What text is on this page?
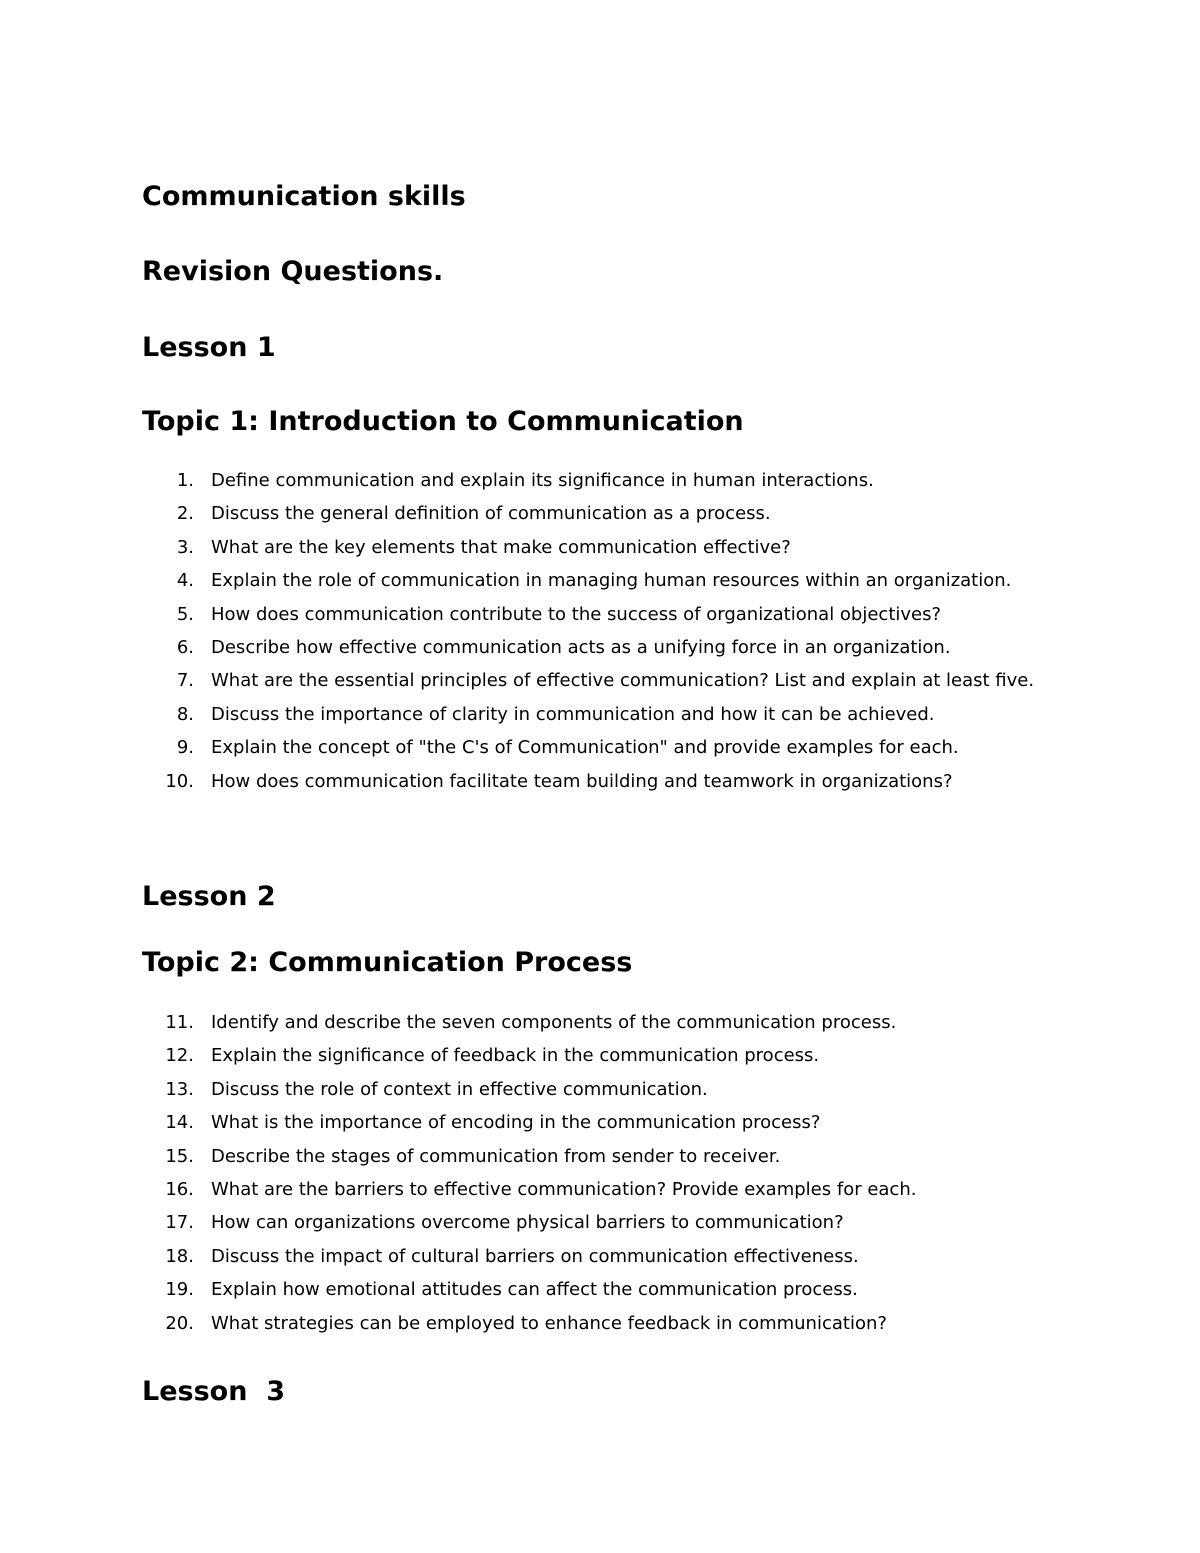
Communication skills
Revision Questions.
Lesson 1
Topic 1: Introduction to Communication
1. Define communication and explain its significance in human interactions.
2. Discuss the general definition of communication as a process.
3. What are the key elements that make communication effective?
4. Explain the role of communication in managing human resources within an organization.
5. How does communication contribute to the success of organizational objectives?
6. Describe how effective communication acts as a unifying force in an organization.
7. What are the essential principles of effective communication? List and explain at least five.
8. Discuss the importance of clarity in communication and how it can be achieved.
9. Explain the concept of "the C's of Communication" and provide examples for each.
10. How does communication facilitate team building and teamwork in organizations?
Lesson 2
Topic 2: Communication Process
11. Identify and describe the seven components of the communication process.
12. Explain the significance of feedback in the communication process.
13. Discuss the role of context in effective communication.
14. What is the importance of encoding in the communication process?
15. Describe the stages of communication from sender to receiver.
16. What are the barriers to effective communication? Provide examples for each.
17. How can organizations overcome physical barriers to communication?
18. Discuss the impact of cultural barriers on communication effectiveness.
19. Explain how emotional attitudes can affect the communication process.
20. What strategies can be employed to enhance feedback in communication?
Lesson  3
